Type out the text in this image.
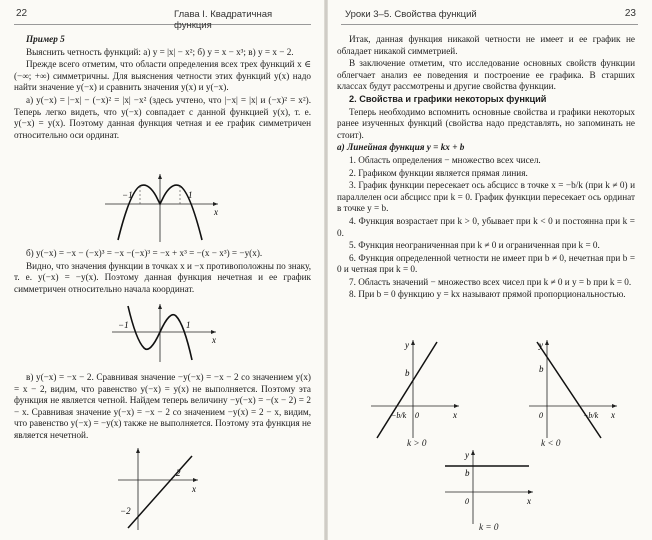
22	Глава I. Квадратичная функция

Пример 5

Выяснить четность функций: а) y = |x| − x²; б) y = x − x³; в) y = x − 2.

Прежде всего отметим, что области определения всех трех функций x ∈ (−∞; +∞) симметричны. Для выяснения четности этих функций y(x) надо найти значение y(−x) и сравнить значения y(x) и y(−x).

а) y(−x) = |−x| − (−x)² = |x| −x² (здесь учтено, что |−x| = |x| и (−x)² = x²). Теперь легко видеть, что y(−x) совпадает с данной функцией y(x), т. е. y(−x) = y(x). Поэтому данная функция четная и ее график симметричен относительно оси ординат.

−1	1
x

б) y(−x) = −x − (−x)³ = −x −(−x)³ = −x + x³ = −(x − x³) = −y(x).

Видно, что значения функции в точках x и −x противоположны по знаку, т. е. y(−x) = −y(x). Поэтому данная функция нечетная и ее график симметричен относительно начала координат.

−1	1
x

в) y(−x) = −x − 2. Сравнивая значение −y(−x) = −x − 2 со значением y(x) = x − 2, видим, что равенство y(−x) = y(x) не выполняется. Поэтому эта функция не является четной. Найдем теперь величину −y(−x) = −(x − 2) = 2 − x. Сравнивая значение y(−x) = −x − 2 со значением −y(x) = 2 − x, видим, что равенство y(−x) = −y(x) также не выполняется. Поэтому эта функция не является нечетной.

2
x
−2
Уроки 3–5. Свойства функций	23

Итак, данная функция никакой четности не имеет и ее график не обладает никакой симметрией.

В заключение отметим, что исследование основных свойств функции облегчает анализ ее поведения и построение ее графика. В старших классах будут рассмотрены и другие свойства функции.

2. Свойства и графики некоторых функций

Теперь необходимо вспомнить основные свойства и графики некоторых ранее изученных функций (свойства надо представлять, но запоминать не стоит).

а) Линейная функция y = kx + b

1. Область определения − множество всех чисел.

2. Графиком функции является прямая линия.

3. График функции пересекает ось абсцисс в точке x = −b/k (при k ≠ 0) и параллелен оси абсцисс при k = 0. График функции пересекает ось ординат в точке y = b.

4. Функция возрастает при k > 0, убывает при k < 0 и постоянна при k = 0.

5. Функция неограниченная при k ≠ 0 и ограниченная при k = 0.

6. Функция определенной четности не имеет при b ≠ 0, нечетная при b = 0 и четная при k = 0.

7. Область значений − множество всех чисел при k ≠ 0 и y = b при k = 0.

8. При b = 0 функцию y = kx называют прямой пропорциональностью.

y
b
x
−b/k 0
k > 0
y
b
x
0	−b/k
k < 0
y
b
x
0
k = 0
